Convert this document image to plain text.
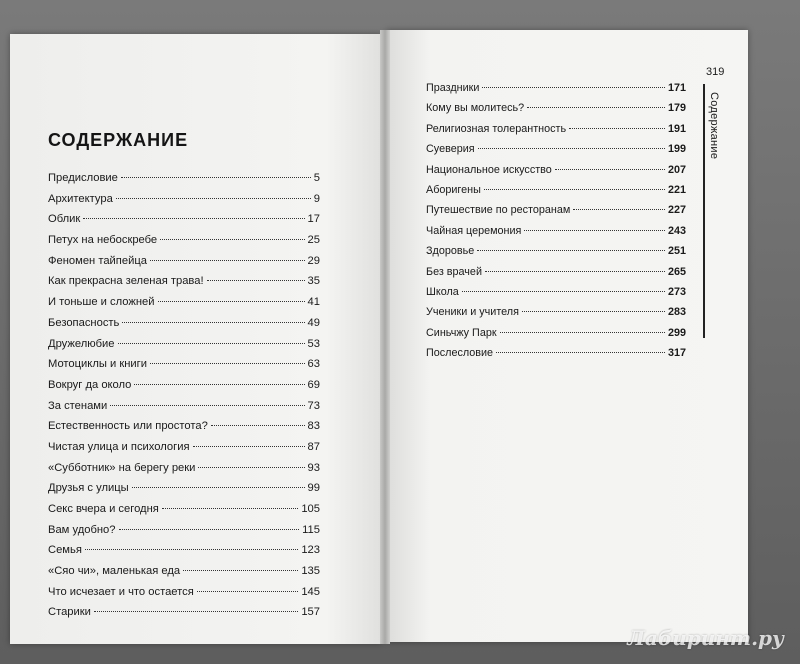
СОДЕРЖАНИЕ
Предисловие	5
Архитектура	9
Облик	17
Петух на небоскребе	25
Феномен тайпейца	29
Как прекрасна зеленая трава!	35
И тоньше и сложней	41
Безопасность	49
Дружелюбие	53
Мотоциклы и книги	63
Вокруг да около	69
За стенами	73
Естественность или простота?	83
Чистая улица и психология	87
«Субботник» на берегу реки	93
Друзья с улицы	99
Секс вчера и сегодня	105
Вам удобно?	115
Семья	123
«Сяо чи», маленькая еда	135
Что исчезает и что остается	145
Старики	157
Праздники	171
Кому вы молитесь?	179
Религиозная толерантность	191
Суеверия	199
Национальное искусство	207
Аборигены	221
Путешествие по ресторанам	227
Чайная церемония	243
Здоровье	251
Без врачей	265
Школа	273
Ученики и учителя	283
Синьчжу Парк	299
Послесловие	317
319
Содержание
Лабиринт.ру
